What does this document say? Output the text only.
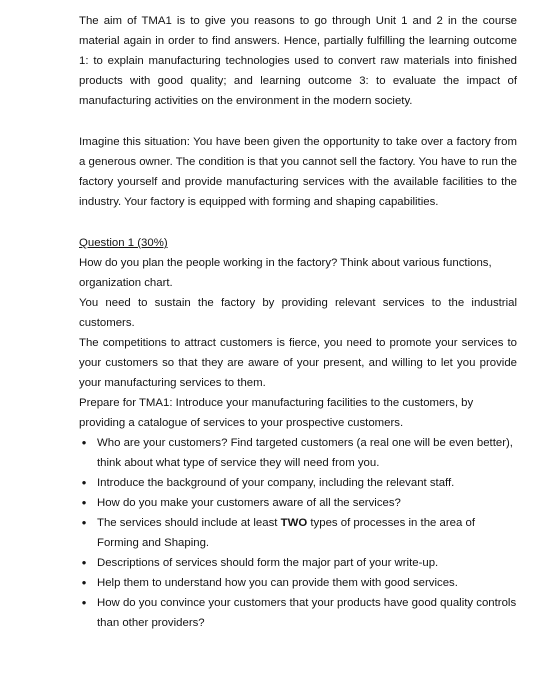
The aim of TMA1 is to give you reasons to go through Unit 1 and 2 in the course material again in order to find answers. Hence, partially fulfilling the learning outcome 1: to explain manufacturing technologies used to convert raw materials into finished products with good quality; and learning outcome 3: to evaluate the impact of manufacturing activities on the environment in the modern society.

Imagine this situation: You have been given the opportunity to take over a factory from a generous owner. The condition is that you cannot sell the factory. You have to run the factory yourself and provide manufacturing services with the available facilities to the industry. Your factory is equipped with forming and shaping capabilities.

Question 1 (30%)

How do you plan the people working in the factory? Think about various functions, organization chart.

You need to sustain the factory by providing relevant services to the industrial customers.

The competitions to attract customers is fierce, you need to promote your services to your customers so that they are aware of your present, and willing to let you provide your manufacturing services to them.

Prepare for TMA1: Introduce your manufacturing facilities to the customers, by providing a catalogue of services to your prospective customers.

• Who are your customers? Find targeted customers (a real one will be even better), think about what type of service they will need from you.
• Introduce the background of your company, including the relevant staff.
• How do you make your customers aware of all the services?
• The services should include at least TWO types of processes in the area of Forming and Shaping.
• Descriptions of services should form the major part of your write-up.
• Help them to understand how you can provide them with good services.
• How do you convince your customers that your products have good quality controls than other providers?
